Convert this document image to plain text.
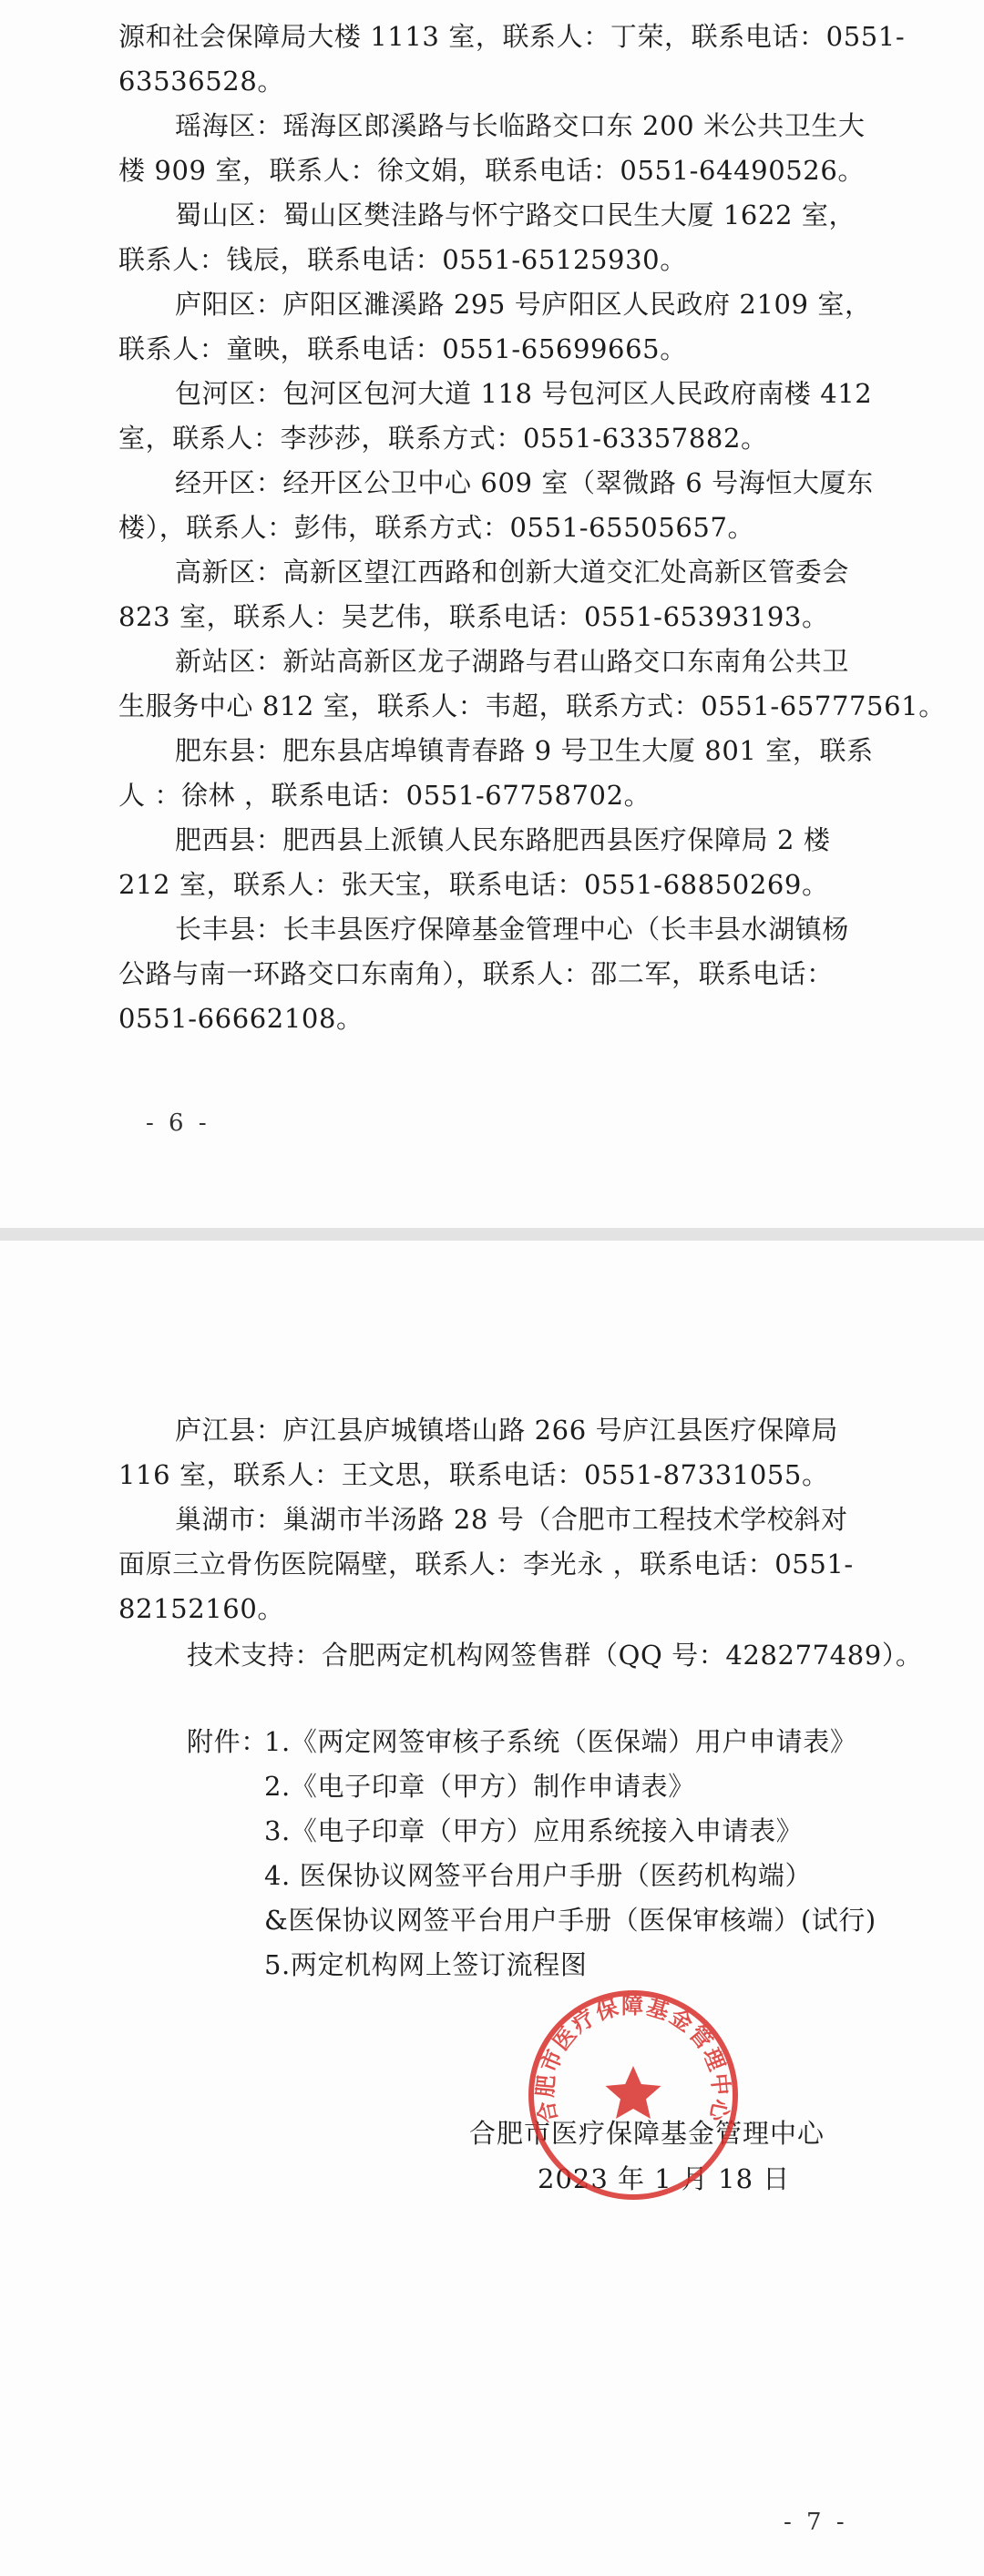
源和社会保障局大楼 1113 室，联系人：丁荣，联系电话：0551-
63536528。
瑶海区：瑶海区郎溪路与长临路交口东 200 米公共卫生大
楼 909 室，联系人：徐文娟，联系电话：0551-64490526。
蜀山区：蜀山区樊洼路与怀宁路交口民生大厦 1622 室，
联系人：钱辰，联系电话：0551-65125930。
庐阳区：庐阳区濉溪路 295 号庐阳区人民政府 2109 室，
联系人：童映，联系电话：0551-65699665。
包河区：包河区包河大道 118 号包河区人民政府南楼 412
室，联系人：李莎莎，联系方式：0551-63357882。
经开区：经开区公卫中心 609 室（翠微路 6 号海恒大厦东
楼），联系人：彭伟，联系方式：0551-65505657。
高新区：高新区望江西路和创新大道交汇处高新区管委会
823 室，联系人：吴艺伟，联系电话：0551-65393193。
新站区：新站高新区龙子湖路与君山路交口东南角公共卫
生服务中心 812 室，联系人：韦超，联系方式：0551-65777561。
肥东县：肥东县店埠镇青春路 9 号卫生大厦 801 室，联系
人 ：徐林 ，联系电话：0551-67758702。
肥西县：肥西县上派镇人民东路肥西县医疗保障局 2 楼
212 室，联系人：张天宝，联系电话：0551-68850269。
长丰县：长丰县医疗保障基金管理中心（长丰县水湖镇杨
公路与南一环路交口东南角），联系人：邵二军，联系电话：
0551-66662108。
- 6 -
庐江县：庐江县庐城镇塔山路 266 号庐江县医疗保障局
116 室，联系人：王文思，联系电话：0551-87331055。
巢湖市：巢湖市半汤路 28 号（合肥市工程技术学校斜对
面原三立骨伤医院隔壁，联系人：李光永 ，联系电话：0551-
82152160。
技术支持：合肥两定机构网签售群（QQ 号：428277489）。
附件：
1.《两定网签审核子系统（医保端）用户申请表》
2.《电子印章（甲方）制作申请表》
3.《电子印章（甲方）应用系统接入申请表》
4. 医保协议网签平台用户手册（医药机构端）
&医保协议网签平台用户手册（医保审核端）(试行)
5.两定机构网上签订流程图
合肥市医疗保障基金管理中心
2023 年 1 月 18 日
- 7 -
合肥市医疗保障基金管理中心
